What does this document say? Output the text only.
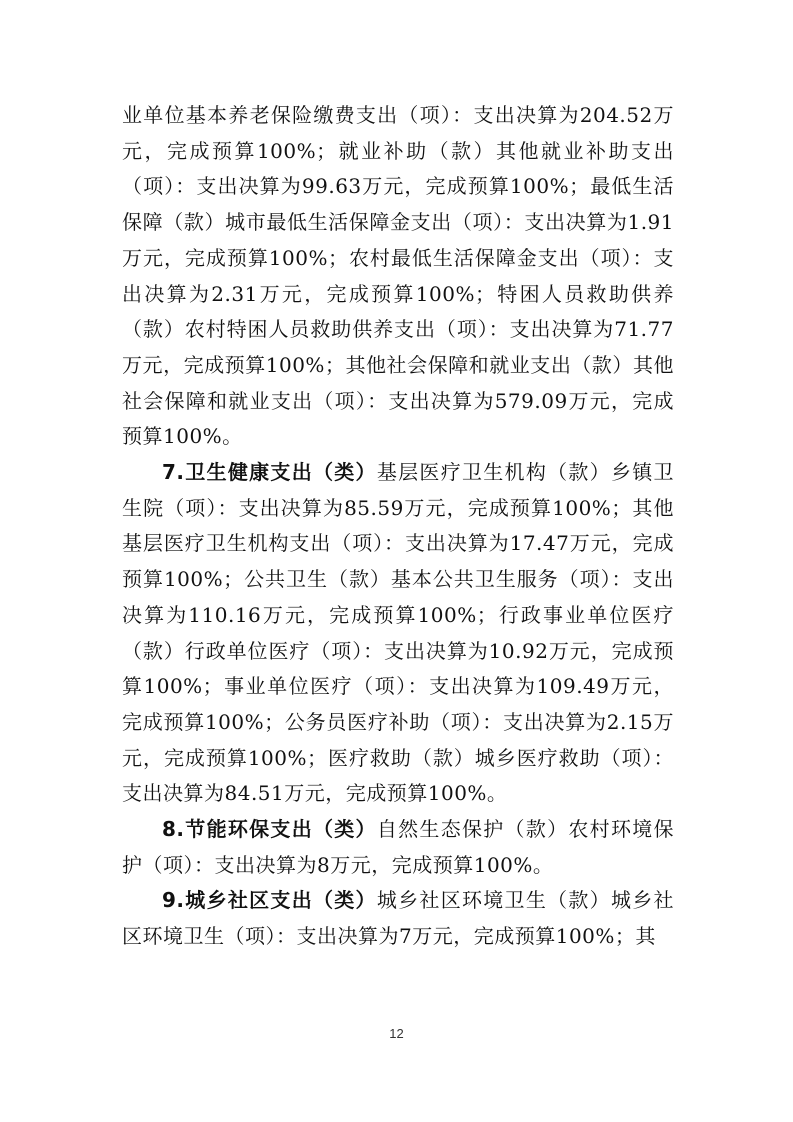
业单位基本养老保险缴费支出（项）：支出决算为204.52万元，完成预算100%；就业补助（款）其他就业补助支出（项）：支出决算为99.63万元，完成预算100%；最低生活保障（款）城市最低生活保障金支出（项）：支出决算为1.91万元，完成预算100%；农村最低生活保障金支出（项）：支出决算为2.31万元，完成预算100%；特困人员救助供养（款）农村特困人员救助供养支出（项）：支出决算为71.77万元，完成预算100%；其他社会保障和就业支出（款）其他社会保障和就业支出（项）：支出决算为579.09万元，完成预算100%。

7.卫生健康支出（类）基层医疗卫生机构（款）乡镇卫生院（项）：支出决算为85.59万元，完成预算100%；其他基层医疗卫生机构支出（项）：支出决算为17.47万元，完成预算100%；公共卫生（款）基本公共卫生服务（项）：支出决算为110.16万元，完成预算100%；行政事业单位医疗（款）行政单位医疗（项）：支出决算为10.92万元，完成预算100%；事业单位医疗（项）：支出决算为109.49万元，完成预算100%；公务员医疗补助（项）：支出决算为2.15万元，完成预算100%；医疗救助（款）城乡医疗救助（项）：支出决算为84.51万元，完成预算100%。

8.节能环保支出（类）自然生态保护（款）农村环境保护（项）：支出决算为8万元，完成预算100%。

9.城乡社区支出（类）城乡社区环境卫生（款）城乡社区环境卫生（项）：支出决算为7万元，完成预算100%；其

12
